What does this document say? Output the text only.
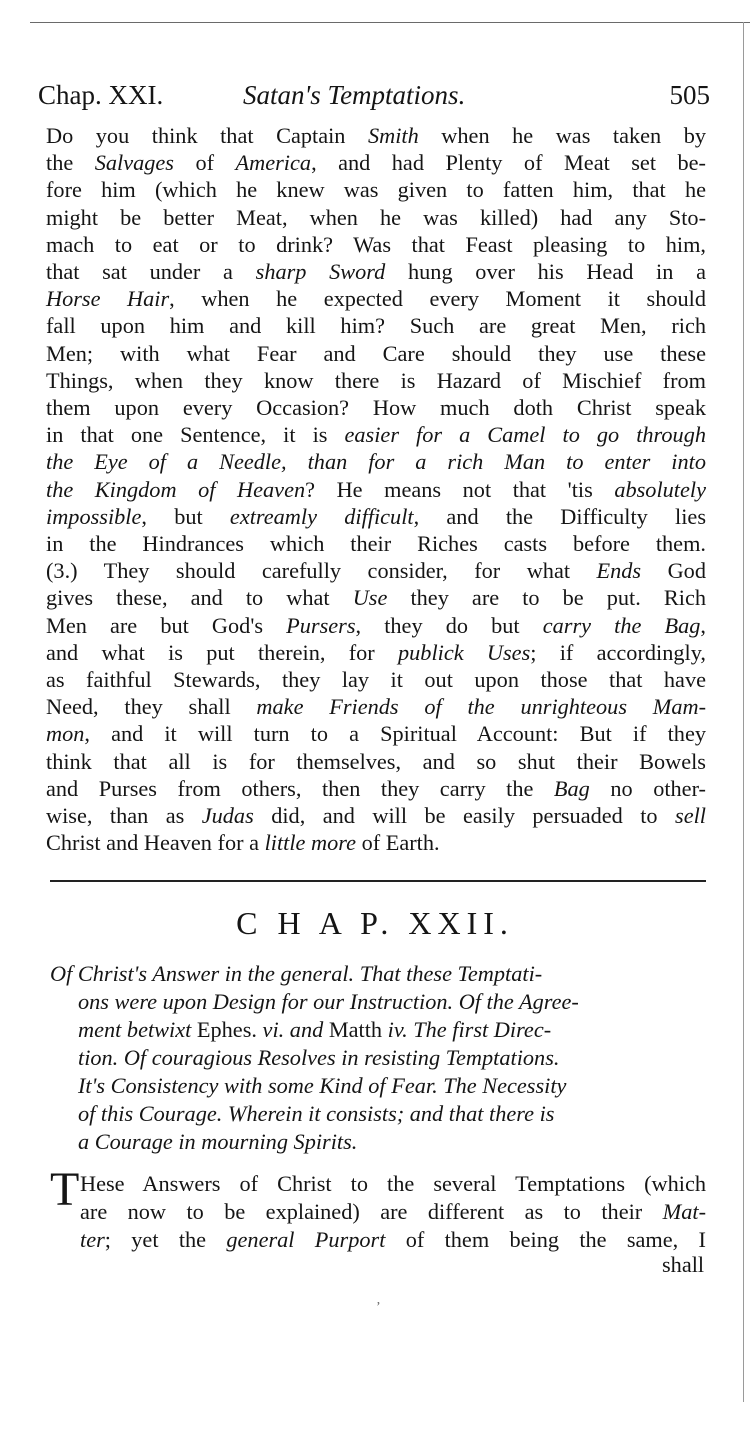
Chap. XXI.	Satan's Temptations.	505
Do you think that Captain Smith when he was taken by
the Salvages of America, and had Plenty of Meat set be-
fore him (which he knew was given to fatten him, that he
might be better Meat, when he was killed) had any Sto-
mach to eat or to drink? Was that Feast pleasing to him,
that sat under a sharp Sword hung over his Head in a
Horse Hair, when he expected every Moment it should
fall upon him and kill him? Such are great Men, rich
Men; with what Fear and Care should they use these
Things, when they know there is Hazard of Mischief from
them upon every Occasion? How much doth Christ speak
in that one Sentence, it is easier for a Camel to go through
the Eye of a Needle, than for a rich Man to enter into
the Kingdom of Heaven? He means not that 'tis absolutely
impossible, but extreamly difficult, and the Difficulty lies
in the Hindrances which their Riches casts before them.
(3.) They should carefully consider, for what Ends God
gives these, and to what Use they are to be put. Rich
Men are but God's Pursers, they do but carry the Bag,
and what is put therein, for publick Uses; if accordingly,
as faithful Stewards, they lay it out upon those that have
Need, they shall make Friends of the unrighteous Mam-
mon, and it will turn to a Spiritual Account: But if they
think that all is for themselves, and so shut their Bowels
and Purses from others, then they carry the Bag no other-
wise, than as Judas did, and will be easily persuaded to sell
Christ and Heaven for a little more of Earth.
C H A P. XXII.
Of Christ's Answer in the general. That these Temptati-
ons were upon Design for our Instruction. Of the Agree-
ment betwixt Ephes. vi. and Matth iv. The first Direc-
tion. Of couragious Resolves in resisting Temptations.
It's Consistency with some Kind of Fear. The Necessity
of this Courage. Wherein it consists; and that there is
a Courage in mourning Spirits.
T Hese Answers of Christ to the several Temptations (which
are now to be explained) are different as to their Mat-
ter; yet the general Purport of them being the same, I
shall
ʼ
